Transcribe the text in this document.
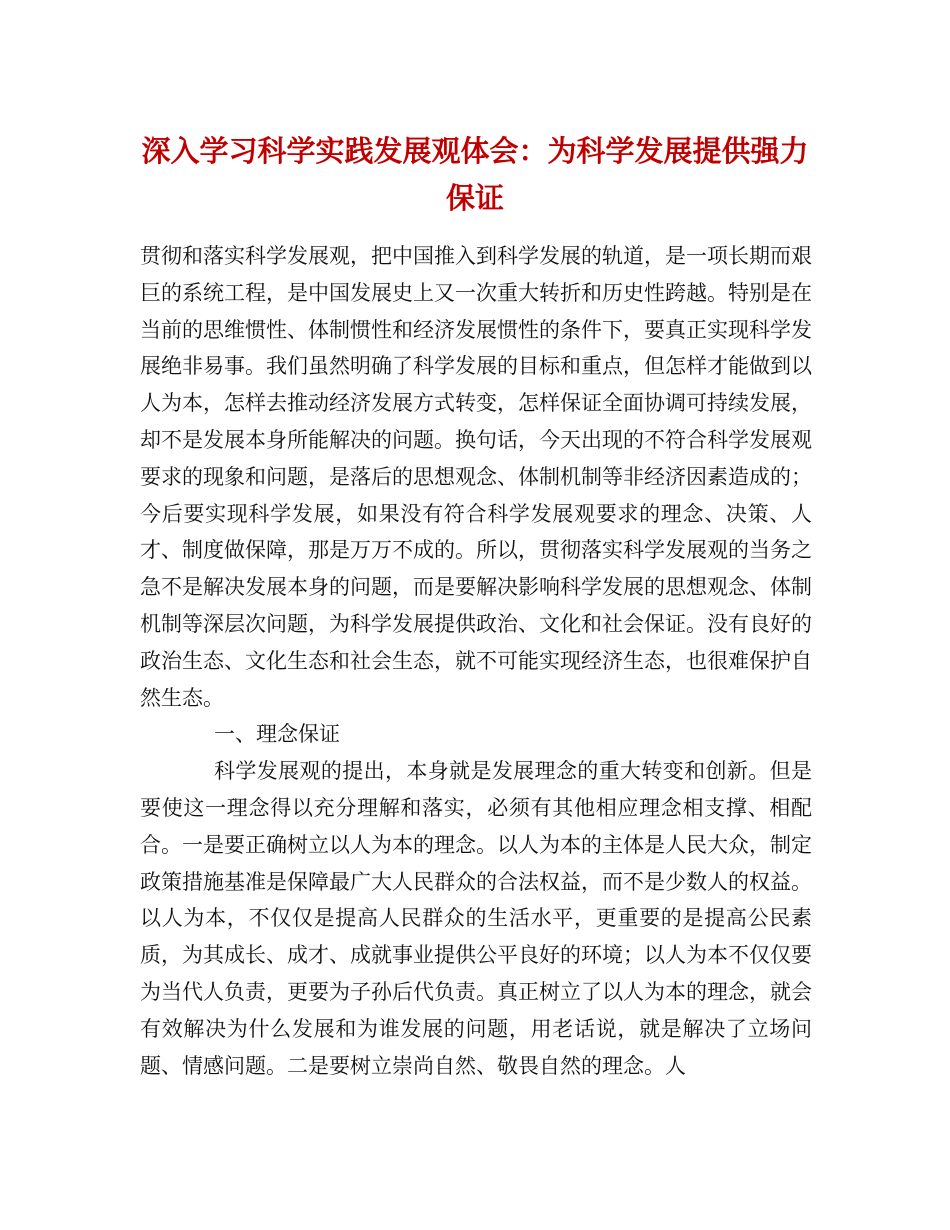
深入学习科学实践发展观体会：为科学发展提供强力保证

贯彻和落实科学发展观，把中国推入到科学发展的轨道，是一项长期而艰巨的系统工程，是中国发展史上又一次重大转折和历史性跨越。特别是在当前的思维惯性、体制惯性和经济发展惯性的条件下，要真正实现科学发展绝非易事。我们虽然明确了科学发展的目标和重点，但怎样才能做到以人为本，怎样去推动经济发展方式转变，怎样保证全面协调可持续发展，却不是发展本身所能解决的问题。换句话，今天出现的不符合科学发展观要求的现象和问题，是落后的思想观念、体制机制等非经济因素造成的；今后要实现科学发展，如果没有符合科学发展观要求的理念、决策、人才、制度做保障，那是万万不成的。所以，贯彻落实科学发展观的当务之急不是解决发展本身的问题，而是要解决影响科学发展的思想观念、体制机制等深层次问题，为科学发展提供政治、文化和社会保证。没有良好的政治生态、文化生态和社会生态，就不可能实现经济生态，也很难保护自然生态。

一、理念保证

科学发展观的提出，本身就是发展理念的重大转变和创新。但是要使这一理念得以充分理解和落实，必须有其他相应理念相支撑、相配合。一是要正确树立以人为本的理念。以人为本的主体是人民大众，制定政策措施基准是保障最广大人民群众的合法权益，而不是少数人的权益。以人为本，不仅仅是提高人民群众的生活水平，更重要的是提高公民素质，为其成长、成才、成就事业提供公平良好的环境；以人为本不仅仅要为当代人负责，更要为子孙后代负责。真正树立了以人为本的理念，就会有效解决为什么发展和为谁发展的问题，用老话说，就是解决了立场问题、情感问题。二是要树立崇尚自然、敬畏自然的理念。人
